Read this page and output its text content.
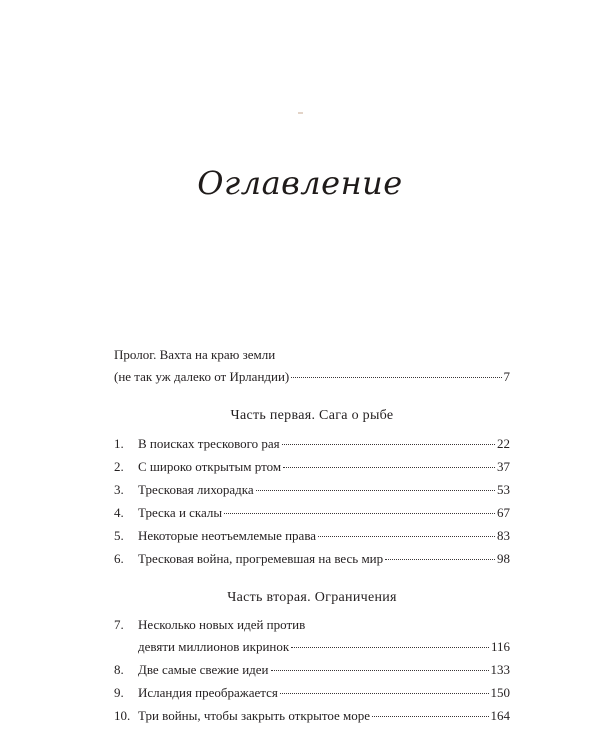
Оглавление
Пролог. Вахта на краю земли
(не так уж далеко от Ирландии)	7
Часть первая. Сага о рыбе
1.	В поисках трескового рая	22
2.	С широко открытым ртом	37
3.	Тресковая лихорадка	53
4.	Треска и скалы	67
5.	Некоторые неотъемлемые права	83
6.	Тресковая война, прогремевшая на весь мир	98
Часть вторая. Ограничения
7.	Несколько новых идей против
девяти миллионов икринок	116
8.	Две самые свежие идеи	133
9.	Исландия преображается	150
10. Три войны, чтобы закрыть открытое море	164
